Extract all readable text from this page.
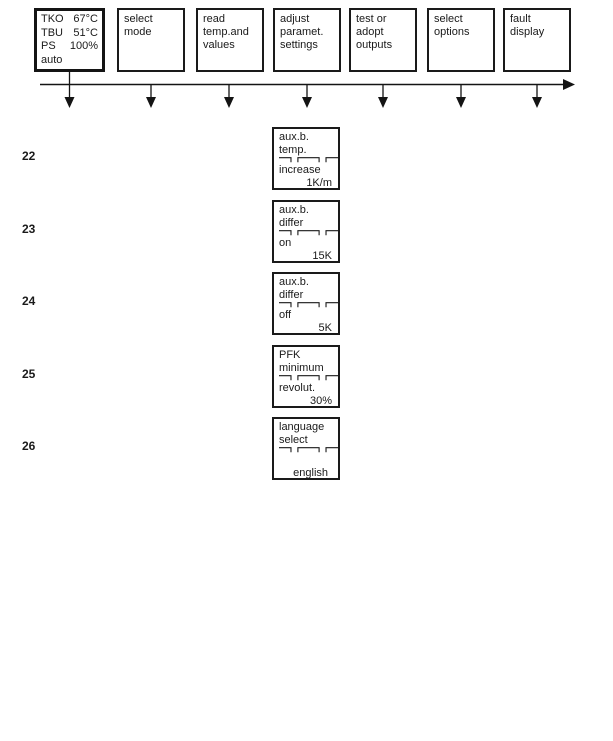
TKO 67°C
TBU 51°C
PS 100%
auto
select
mode
read
temp.and
values
adjust
paramet.
settings
test or
adopt
outputs
select
options
fault
display
22
23
24
25
26
aux.b.
temp.
increase
1K/m
aux.b.
differ
on
15K
aux.b.
differ
off
5K
PFK
minimum
revolut.
30%
language
select
english
